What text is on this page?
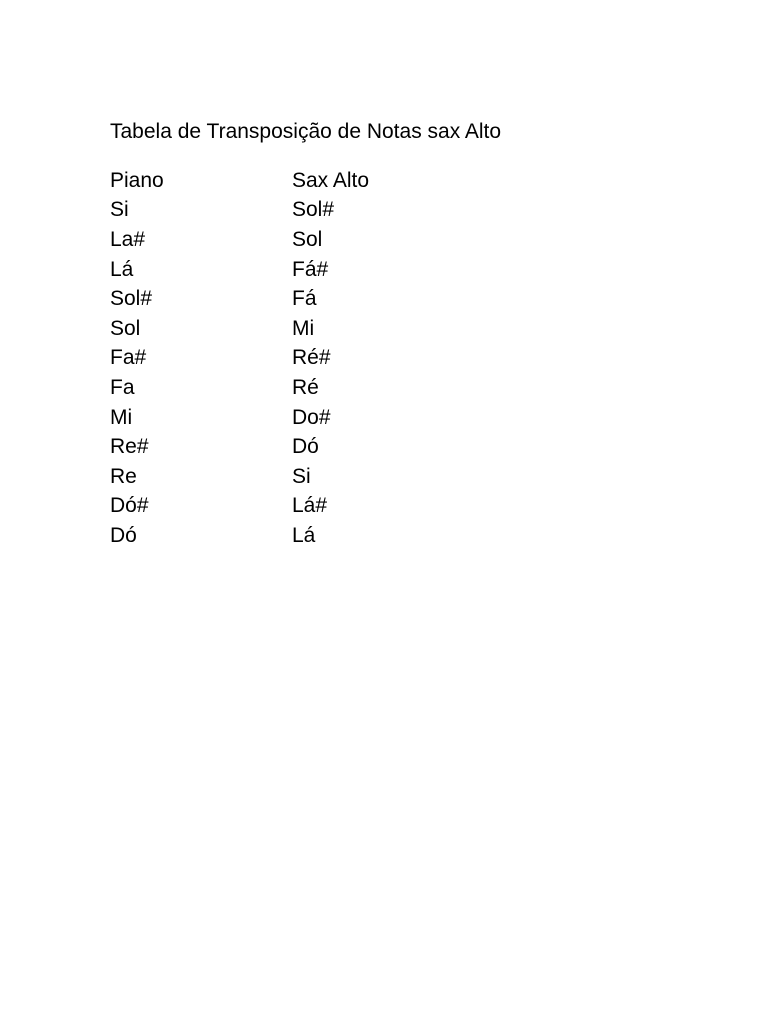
Tabela de Transposição de Notas sax Alto
Piano	Sax Alto
Si	Sol#
La#	Sol
Lá	Fá#
Sol#	Fá
Sol	Mi
Fa#	Ré#
Fa	Ré
Mi	Do#
Re#	Dó
Re	Si
Dó#	Lá#
Dó	Lá
